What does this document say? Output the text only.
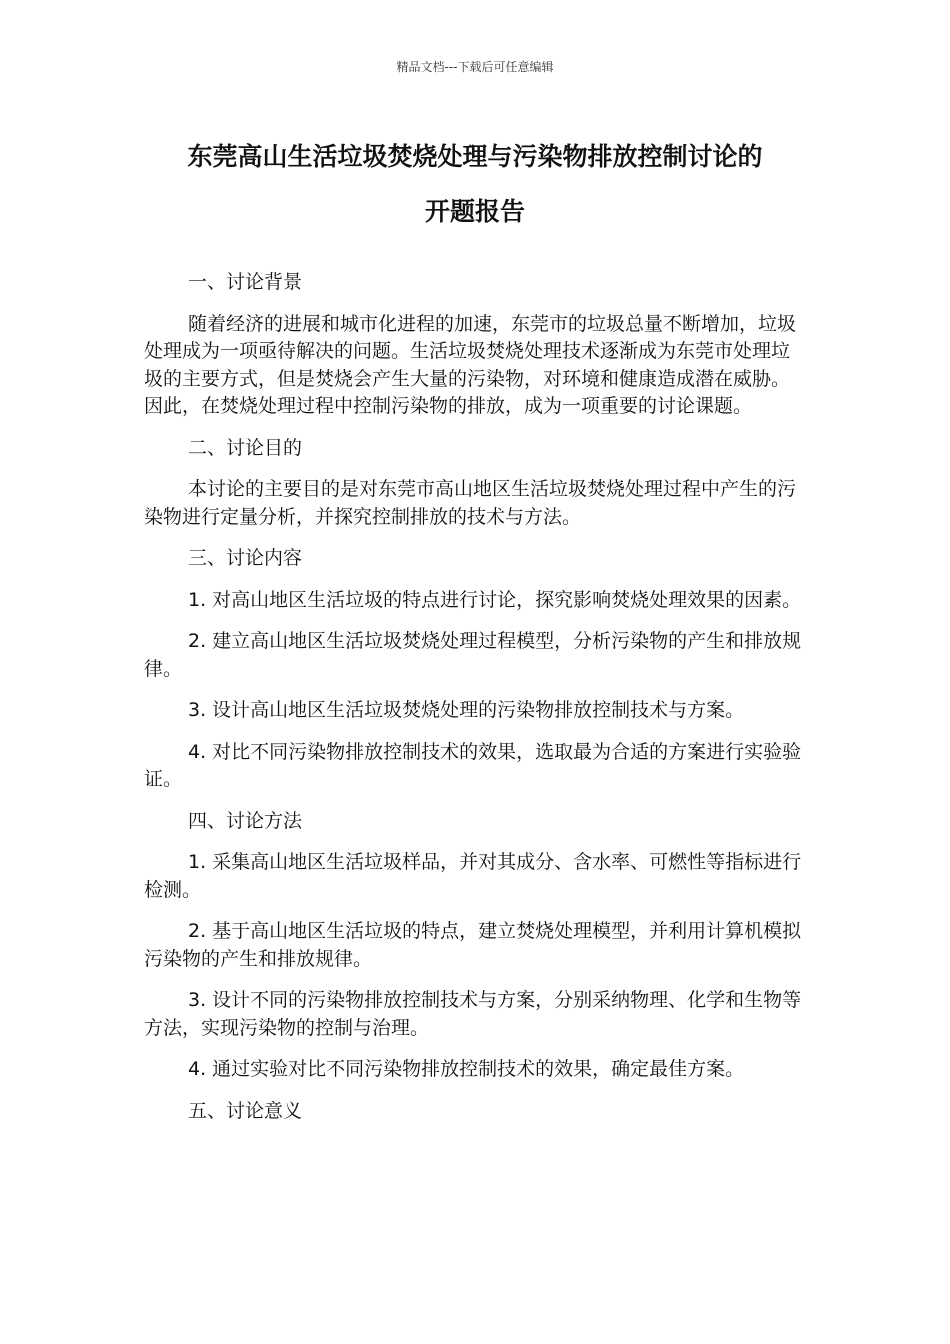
精品文档---下载后可任意编辑
东莞高山生活垃圾焚烧处理与污染物排放控制讨论的
开题报告

一、讨论背景

随着经济的进展和城市化进程的加速，东莞市的垃圾总量不断增加，垃圾处理成为一项亟待解决的问题。生活垃圾焚烧处理技术逐渐成为东莞市处理垃圾的主要方式，但是焚烧会产生大量的污染物，对环境和健康造成潜在威胁。因此，在焚烧处理过程中控制污染物的排放，成为一项重要的讨论课题。

二、讨论目的

本讨论的主要目的是对东莞市高山地区生活垃圾焚烧处理过程中产生的污染物进行定量分析，并探究控制排放的技术与方法。

三、讨论内容

1. 对高山地区生活垃圾的特点进行讨论，探究影响焚烧处理效果的因素。

2. 建立高山地区生活垃圾焚烧处理过程模型，分析污染物的产生和排放规律。

3. 设计高山地区生活垃圾焚烧处理的污染物排放控制技术与方案。

4. 对比不同污染物排放控制技术的效果，选取最为合适的方案进行实验验证。

四、讨论方法

1. 采集高山地区生活垃圾样品，并对其成分、含水率、可燃性等指标进行检测。

2. 基于高山地区生活垃圾的特点，建立焚烧处理模型，并利用计算机模拟污染物的产生和排放规律。

3. 设计不同的污染物排放控制技术与方案，分别采纳物理、化学和生物等方法，实现污染物的控制与治理。

4. 通过实验对比不同污染物排放控制技术的效果，确定最佳方案。

五、讨论意义
